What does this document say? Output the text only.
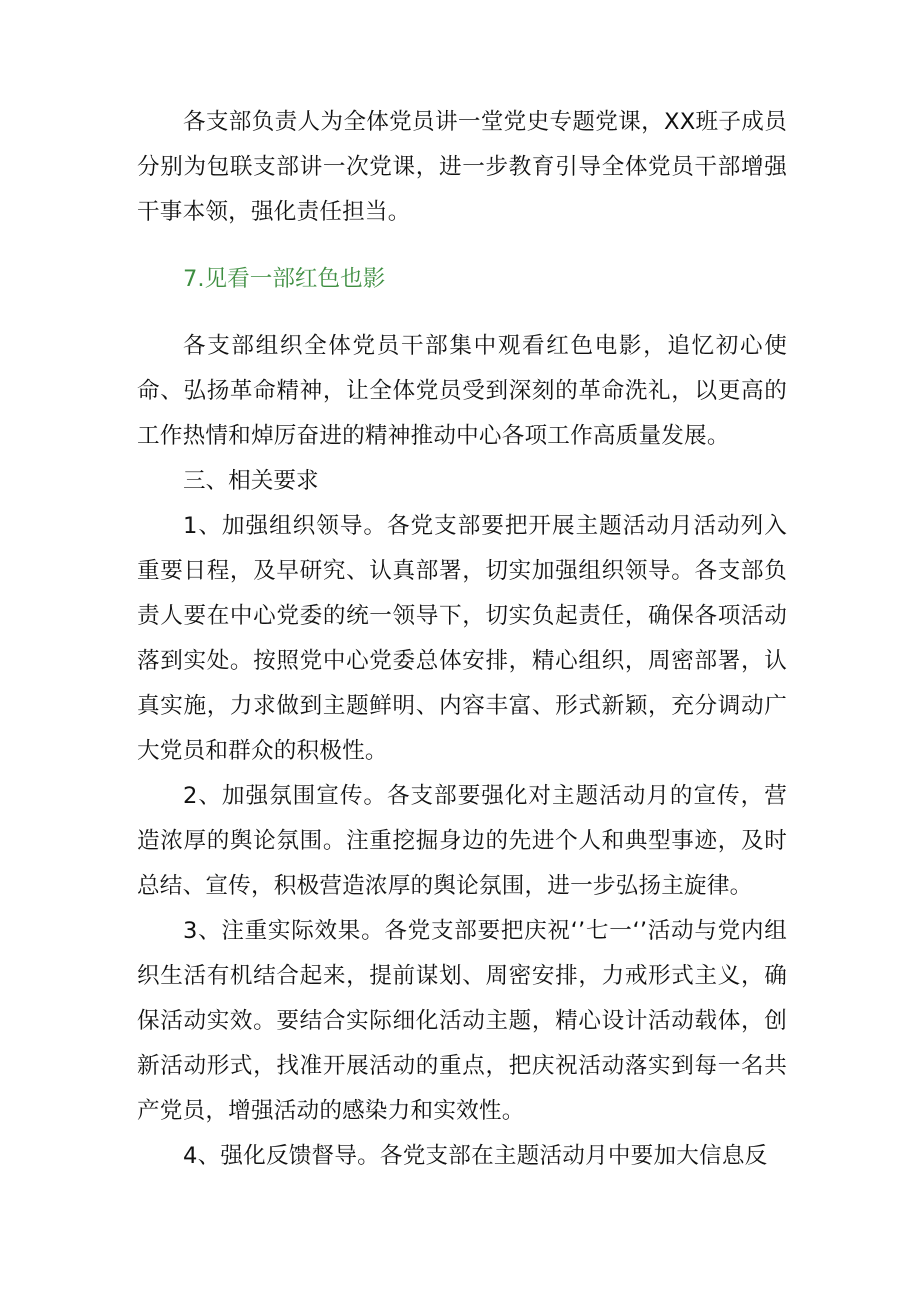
各支部负责人为全体党员讲一堂党史专题党课，XX班子成员分别为包联支部讲一次党课，进一步教育引导全体党员干部增强干事本领，强化责任担当。

7.见看一部红色也影

各支部组织全体党员干部集中观看红色电影，追忆初心使命、弘扬革命精神，让全体党员受到深刻的革命洗礼，以更高的工作热情和焯厉奋进的精神推动中心各项工作高质量发展。

三、相关要求

1、加强组织领导。各党支部要把开展主题活动月活动列入重要日程，及早研究、认真部署，切实加强组织领导。各支部负责人要在中心党委的统一领导下，切实负起责任，确保各项活动落到实处。按照党中心党委总体安排，精心组织，周密部署，认真实施，力求做到主题鲜明、内容丰富、形式新颖，充分调动广大党员和群众的积极性。

2、加强氛围宣传。各支部要强化对主题活动月的宣传，营造浓厚的舆论氛围。注重挖掘身边的先进个人和典型事迹，及时总结、宣传，积极营造浓厚的舆论氛围，进一步弘扬主旋律。

3、注重实际效果。各党支部要把庆祝‘’七一‘’活动与党内组织生活有机结合起来，提前谋划、周密安排，力戒形式主义，确保活动实效。要结合实际细化活动主题，精心设计活动载体，创新活动形式，找准开展活动的重点，把庆祝活动落实到每一名共产党员，增强活动的感染力和实效性。

4、强化反馈督导。各党支部在主题活动月中要加大信息反
